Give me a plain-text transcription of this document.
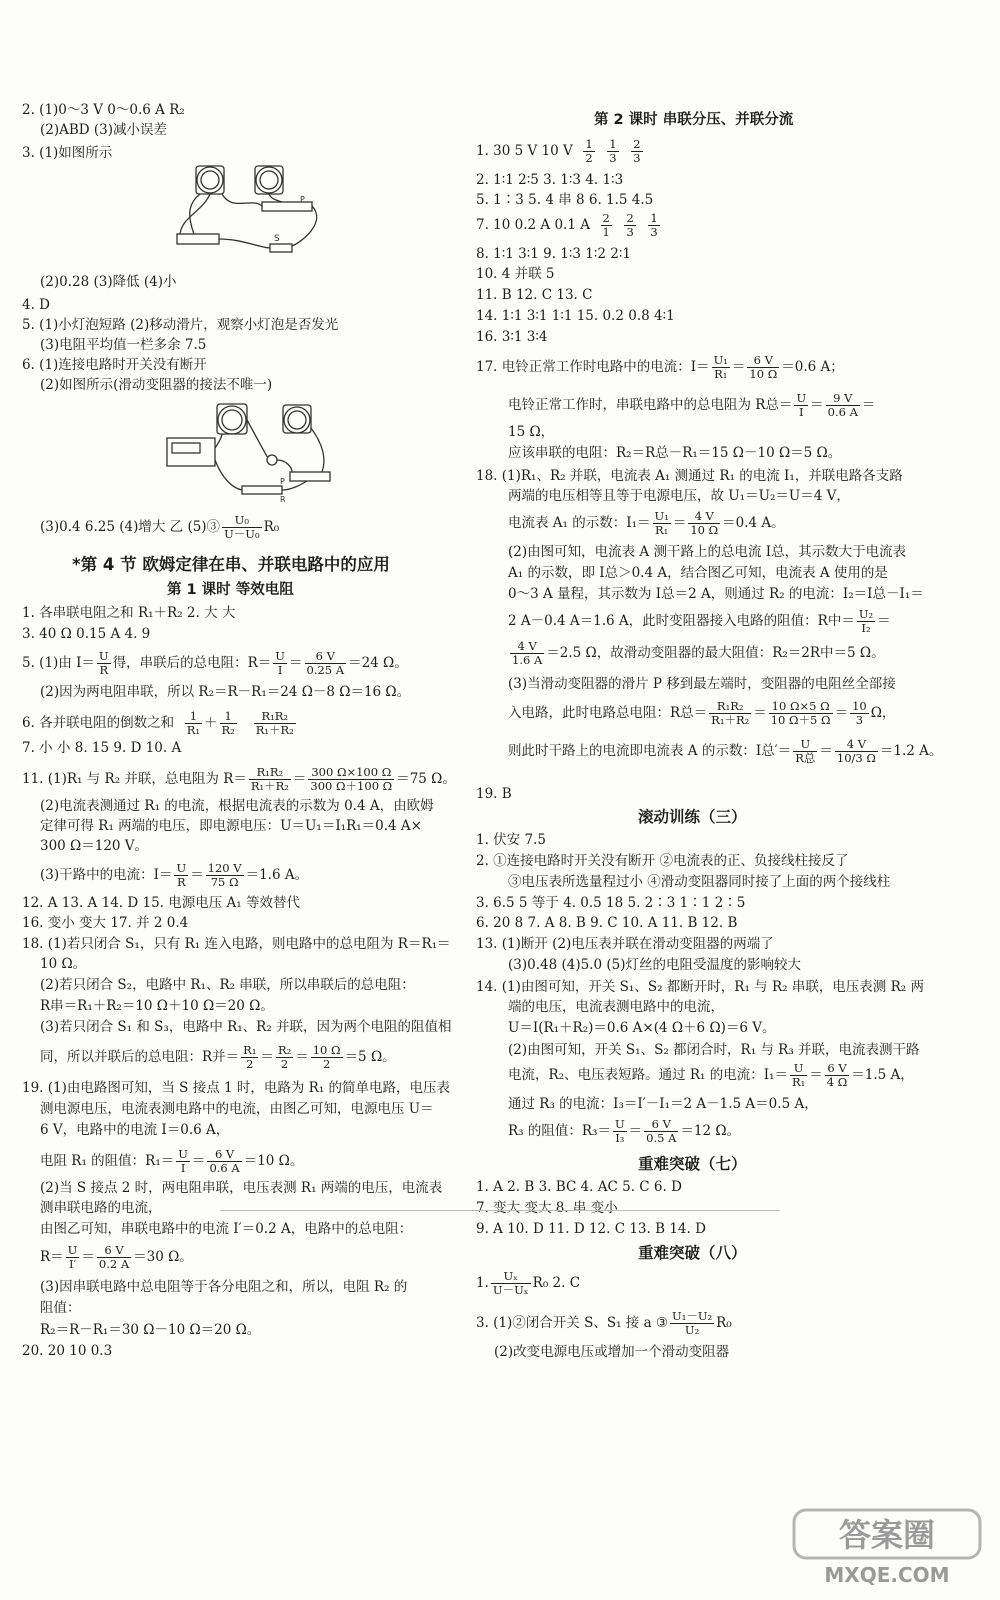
2. (1)0～3 V 0～0.6 A R₂
(2)ABD (3)减小误差
3. (1)如图所示
S
P
(2)0.28 (3)降低 (4)小
4. D
5. (1)小灯泡短路 (2)移动滑片，观察小灯泡是否发光
(3)电阻平均值一栏多余 7.5
6. (1)连接电路时开关没有断开
(2)如图所示(滑动变阻器的接法不唯一)
P
R
(3)0.4 6.25 (4)增大 乙 (5)③ $\frac{\text{U₀}}{\text{U－U₀}} R_0$
*第 4 节 欧姆定律在串、并联电路中的应用
第 1 课时 等效电阻
1. 各串联电阻之和 R₁＋R₂ 2. 大 大
3. 40 Ω 0.15 A 4. 9
5. (1)由 $I= \frac{U}{R}$ 得，串联后的总电阻：$R= \frac{U}{I} = \frac{6 V}{0.25 A} =24$ Ω。
(2)因为两电阻串联，所以 R₂＝R－R₁＝24 Ω－8 Ω＝16 Ω。
6. 各并联电阻的倒数之和 $\frac{1}{\text{R₁}} + \frac{1}{\text{R₂}}$
$\frac{\text{R₁R₂}}{\text{R₁＋R₂}}$
7. 小 小 8. 15 9. D 10. A
11. (1)R₁ 与 R₂ 并联，总电阻为 $R= \frac{\text{R₁R₂}}{\text{R₁＋R₂}} = \frac{300 \Omega\times 100 \Omega}{300 \Omega+100 \Omega} =75$ Ω。
(2)电流表测通过 R₁ 的电流，根据电流表的示数为 0.4 A，由欧姆
定律可得 R₁ 两端的电压，即电源电压：U＝U₁＝I₁R₁＝0.4 A×
300 Ω＝120 V。
(3)干路中的电流：$I= \frac{U}{R} = \frac{120 V}{75 \Omega} =1.6$ A。
12. A 13. A 14. D 15. 电源电压 A₁ 等效替代
16. 变小 变大 17. 并 2 0.4
18. (1)若只闭合 S₁，只有 R₁ 连入电路，则电路中的总电阻为 R＝R₁＝
10 Ω。
(2)若只闭合 S₂，电路中 R₁、R₂ 串联，所以串联后的总电阻：
R串＝R₁＋R₂＝10 Ω＋10 Ω＝20 Ω。
(3)若只闭合 S₁ 和 S₃，电路中 R₁、R₂ 并联，因为两个电阻的阻值相
同，所以并联后的总电阻：R并＝ $\frac{\text{R₁}}{2} = \frac{\text{R₂}}{2} = \frac{10 \Omega}{2} =5$ Ω。
19. (1)由电路图可知，当 S 接点 1 时，电路为 R₁ 的简单电路，电压表
测电源电压，电流表测电路中的电流，由图乙可知，电源电压 U＝
6 V，电路中的电流 I＝0.6 A，
电阻 R₁ 的阻值：$R_1= \frac{U}{I} = \frac{6 V}{0.6 A} =10$ Ω。
(2)当 S 接点 2 时，两电阻串联，电压表测 R₁ 两端的电压，电流表
测串联电路的电流，
由图乙可知，串联电路中的电流 I′＝0.2 A，电路中的总电阻：
$R= \frac{U}{I'} = \frac{6 V}{0.2 A} =30$ Ω。
(3)因串联电路中总电阻等于各分电阻之和，所以，电阻 R₂ 的
阻值：
R₂＝R－R₁＝30 Ω－10 Ω＝20 Ω。
20. 20 10 0.3
第 2 课时 串联分压、并联分流
1. 30 5 V 10 V $\frac{1}{2}$
$\frac{1}{3}$
$\frac{2}{3}$
2. 1∶1 2∶5 3. 1∶3 4. 1∶3
5. 1∶3 5. 4 串 8 6. 1.5 4.5
7. 10 0.2 A 0.1 A $\frac{2}{1}$
$\frac{2}{3}$
$\frac{1}{3}$
8. 1∶1 3∶1 9. 1∶3 1∶2 2∶1
10. 4 并联 5
11. B 12. C 13. C
14. 1∶1 3∶1 1∶1 15. 0.2 0.8 4∶1
16. 3∶1 3∶4
17. 电铃正常工作时电路中的电流：$I= \frac{\text{U₁}}{\text{R₁}} = \frac{6 V}{10 \Omega} =0.6$ A；
电铃正常工作时，串联电路中的总电阻为 R总＝ $\frac{U}{I} = \frac{9 V}{0.6 A}$ ＝
15 Ω，
应该串联的电阻：R₂＝R总－R₁＝15 Ω－10 Ω＝5 Ω。
18. (1)R₁、R₂ 并联，电流表 A₁ 测通过 R₁ 的电流 I₁，并联电路各支路
两端的电压相等且等于电源电压，故 U₁＝U₂＝U＝4 V，
电流表 A₁ 的示数：$I_1= \frac{\text{U₁}}{\text{R₁}} = \frac{4 V}{10 \Omega} =0.4$ A。
(2)由图可知，电流表 A 测干路上的总电流 I总，其示数大于电流表
A₁ 的示数，即 I总＞0.4 A，结合图乙可知，电流表 A 使用的是
0～3 A 量程，其示数为 I总＝2 A，则通过 R₂ 的电流：I₂＝I总－I₁＝
2 A－0.4 A＝1.6 A，此时变阻器接入电路的阻值：R中＝ $\frac{\text{U₂}}{\text{I₂}}$ ＝
$\frac{4 V}{1.6 A} =2.5$ Ω，故滑动变阻器的最大阻值：R₂＝2R中＝5 Ω。
(3)当滑动变阻器的滑片 P 移到最左端时，变阻器的电阻丝全部接
入电路，此时电路总电阻：R总＝ $\frac{\text{R₁R₂}}{\text{R₁＋R₂}} = \frac{10 \Omega\times 5 \Omega}{10 \Omega+5 \Omega} = \frac{10}{3}$ Ω，
则此时干路上的电流即电流表 A 的示数：I总′＝ $\frac{U}{\text{R总}} = \frac{4 V}{10/3 \Omega} =1.2$ A。
19. B
滚动训练（三）
1. 伏安 7.5
2. ①连接电路时开关没有断开 ②电流表的正、负接线柱接反了
③电压表所选量程过小 ④滑动变阻器同时接了上面的两个接线柱
3. 6.5 5 等于 4. 0.5 18 5. 2∶3 1∶1 2∶5
6. 20 8 7. A 8. B 9. C 10. A 11. B 12. B
13. (1)断开 (2)电压表并联在滑动变阻器的两端了
(3)0.48 (4)5.0 (5)灯丝的电阻受温度的影响较大
14. (1)由图可知，开关 S₁、S₂ 都断开时，R₁ 与 R₂ 串联，电压表测 R₂ 两
端的电压，电流表测电路中的电流，
U＝I(R₁＋R₂)＝0.6 A×(4 Ω＋6 Ω)＝6 V。
(2)由图可知，开关 S₁、S₂ 都闭合时，R₁ 与 R₃ 并联，电流表测干路
电流，R₂、电压表短路。通过 R₁ 的电流：$I_1= \frac{U}{\text{R₁}} = \frac{6 V}{4 \Omega} =1.5$ A，
通过 R₃ 的电流：I₃＝I′－I₁＝2 A－1.5 A＝0.5 A，
R₃ 的阻值：$R_3= \frac{U}{\text{I₃}} = \frac{6 V}{0.5 A} =12$ Ω。
重难突破（七）
1. A 2. B 3. BC 4. AC 5. C 6. D
7. 变大 变大 8. 串 变小
9. A 10. D 11. D 12. C 13. B 14. D
重难突破（八）
1. $\frac{\text{Uₓ}}{\text{U－Uₓ}} R_0$ 2. C
3. (1)②闭合开关 S、S₁ 接 a ③ $\frac{\text{U₁－U₂}}{\text{U₂}} R_0$
(2)改变电源电压或增加一个滑动变阻器
答案圈
MXQE.COM
